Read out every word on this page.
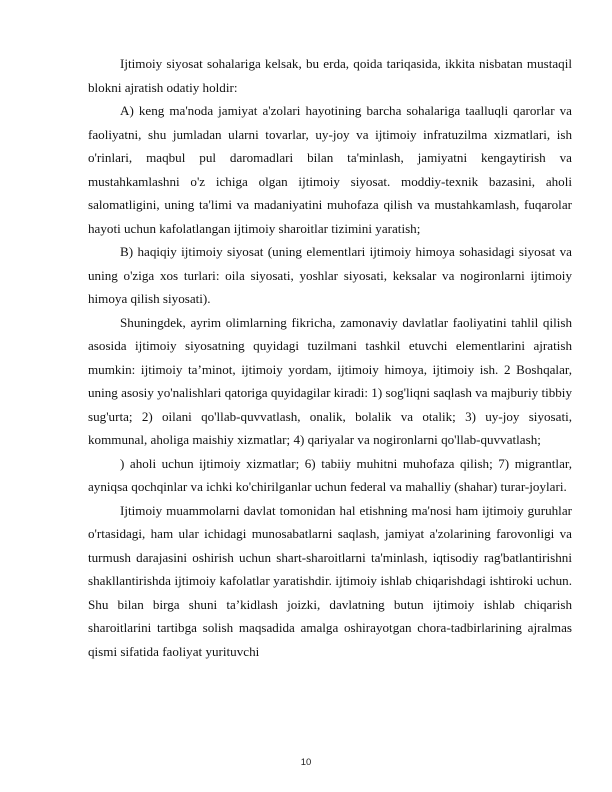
Ijtimoiy siyosat sohalariga kelsak, bu erda, qoida tariqasida, ikkita nisbatan mustaqil blokni ajratish odatiy holdir:

A) keng ma'noda jamiyat a'zolari hayotining barcha sohalariga taalluqli qarorlar va faoliyatni, shu jumladan ularni tovarlar, uy-joy va ijtimoiy infratuzilma xizmatlari, ish o'rinlari, maqbul pul daromadlari bilan ta'minlash, jamiyatni kengaytirish va mustahkamlashni o'z ichiga olgan ijtimoiy siyosat. moddiy-texnik bazasini, aholi salomatligini, uning ta'limi va madaniyatini muhofaza qilish va mustahkamlash, fuqarolar hayoti uchun kafolatlangan ijtimoiy sharoitlar tizimini yaratish;

B) haqiqiy ijtimoiy siyosat (uning elementlari ijtimoiy himoya sohasidagi siyosat va uning o'ziga xos turlari: oila siyosati, yoshlar siyosati, keksalar va nogironlarni ijtimoiy himoya qilish siyosati).

Shuningdek, ayrim olimlarning fikricha, zamonaviy davlatlar faoliyatini tahlil qilish asosida ijtimoiy siyosatning quyidagi tuzilmani tashkil etuvchi elementlarini ajratish mumkin: ijtimoiy ta’minot, ijtimoiy yordam, ijtimoiy himoya, ijtimoiy ish. 2 Boshqalar, uning asosiy yo'nalishlari qatoriga quyidagilar kiradi: 1) sog'liqni saqlash va majburiy tibbiy sug'urta; 2) oilani qo'llab-quvvatlash, onalik, bolalik va otalik; 3) uy-joy siyosati, kommunal, aholiga maishiy xizmatlar; 4) qariyalar va nogironlarni qo'llab-quvvatlash;

) aholi uchun ijtimoiy xizmatlar; 6) tabiiy muhitni muhofaza qilish; 7) migrantlar, ayniqsa qochqinlar va ichki ko'chirilganlar uchun federal va mahalliy (shahar) turar-joylari.

Ijtimoiy muammolarni davlat tomonidan hal etishning ma'nosi ham ijtimoiy guruhlar o'rtasidagi, ham ular ichidagi munosabatlarni saqlash, jamiyat a'zolarining farovonligi va turmush darajasini oshirish uchun shart-sharoitlarni ta'minlash, iqtisodiy rag'batlantirishni shakllantirishda ijtimoiy kafolatlar yaratishdir. ijtimoiy ishlab chiqarishdagi ishtiroki uchun. Shu bilan birga shuni ta’kidlash joizki, davlatning butun ijtimoiy ishlab chiqarish sharoitlarini tartibga solish maqsadida amalga oshirayotgan chora-tadbirlarining ajralmas qismi sifatida faoliyat yurituvchi

10
